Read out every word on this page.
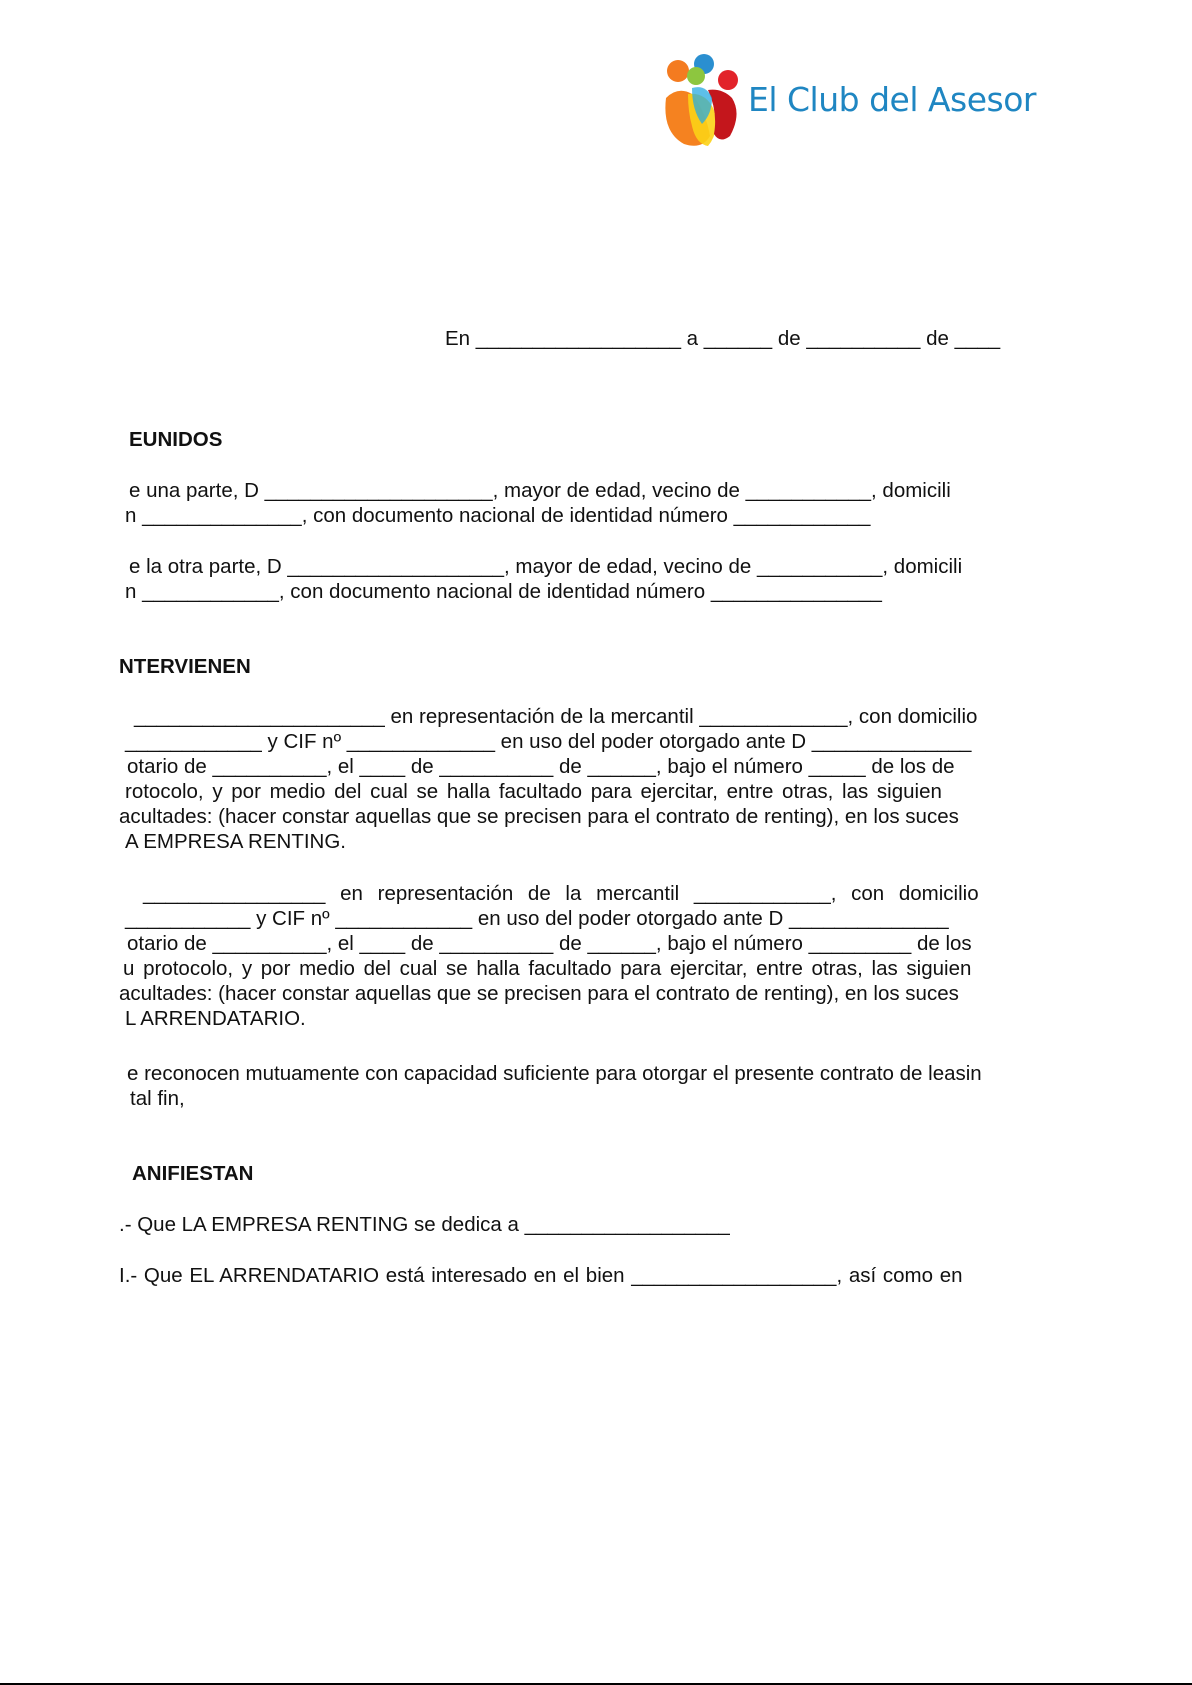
El Club del Asesor
En __________________ a ______ de __________ de ____
EUNIDOS
e una parte, D ____________________, mayor de edad, vecino de ___________, domicili
n ______________, con documento nacional de identidad número ____________
e la otra parte, D ___________________, mayor de edad, vecino de ___________, domicili
n ____________, con documento nacional de identidad número _______________
NTERVIENEN
______________________ en representación de la mercantil _____________, con domicilio
____________ y CIF nº _____________ en uso del poder otorgado ante D ______________
otario de __________, el ____ de __________ de ______, bajo el número _____ de los de
rotocolo, y por medio del cual se halla facultado para ejercitar, entre otras, las siguien
acultades: (hacer constar aquellas que se precisen para el contrato de renting), en los suces
A EMPRESA RENTING.
________________ en representación de la mercantil ____________, con domicilio
___________ y CIF nº ____________ en uso del poder otorgado ante D ______________
otario de __________, el ____ de __________ de ______, bajo el número _________ de los
u protocolo, y por medio del cual se halla facultado para ejercitar, entre otras, las siguien
acultades: (hacer constar aquellas que se precisen para el contrato de renting), en los suces
L ARRENDATARIO.
e reconocen mutuamente con capacidad suficiente para otorgar el presente contrato de leasin
tal fin,
ANIFIESTAN
.- Que LA EMPRESA RENTING se dedica a __________________
I.- Que EL ARRENDATARIO está interesado en el bien __________________, así como en
